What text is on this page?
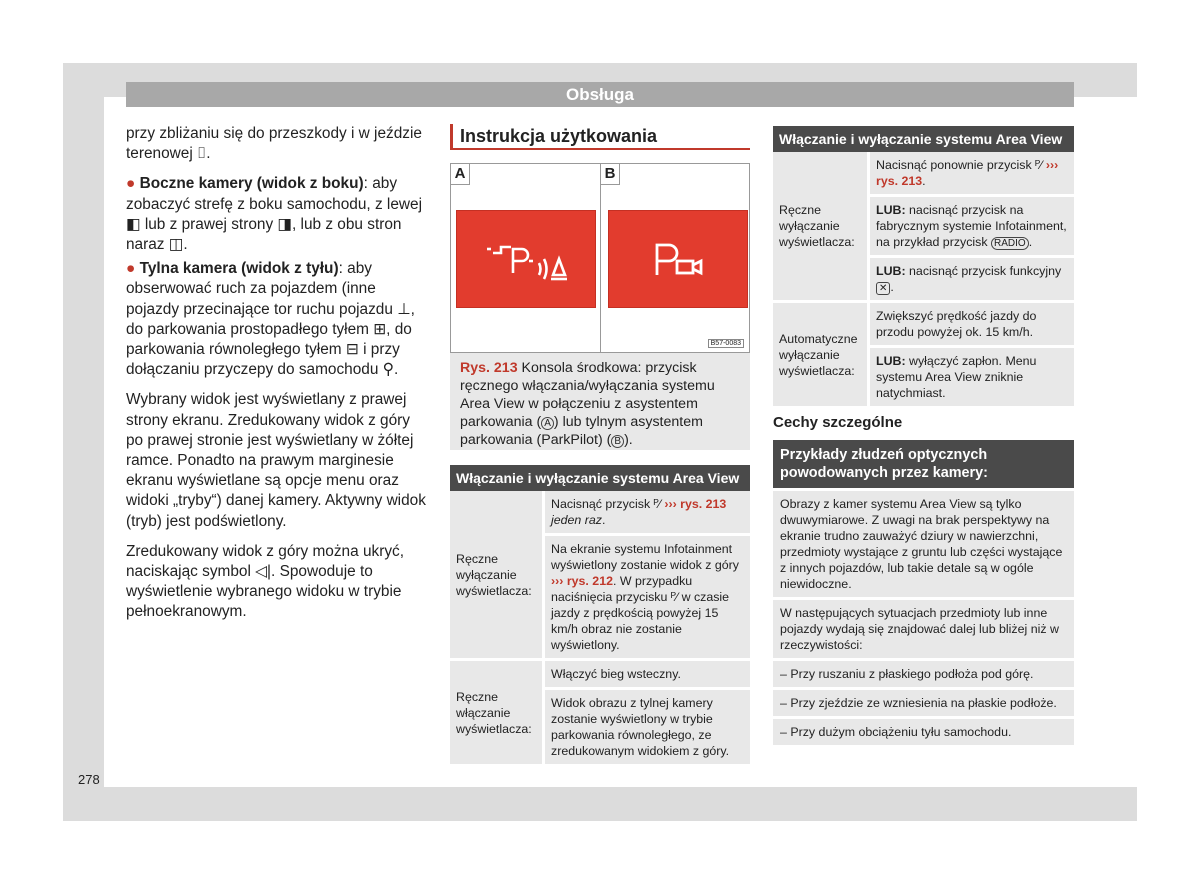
Obsługa

przy zbliżaniu się do przeszkody i w jeździe terenowej ⌷.

● Boczne kamery (widok z boku): aby zobaczyć strefę z boku samochodu, z lewej ◧ lub z prawej strony ◨, lub z obu stron naraz ◫.

● Tylna kamera (widok z tyłu): aby obserwować ruch za pojazdem (inne pojazdy przecinające tor ruchu pojazdu ⊥, do parkowania prostopadłego tyłem ⊞, do parkowania równoległego tyłem ⊟ i przy dołączaniu przyczepy do samochodu ⚲.

Wybrany widok jest wyświetlany z prawej strony ekranu. Zredukowany widok z góry po prawej stronie jest wyświetlany w żółtej ramce. Ponadto na prawym marginesie ekranu wyświetlane są opcje menu oraz widoki „tryby“) danej kamery. Aktywny widok (tryb) jest podświetlony.

Zredukowany widok z góry można ukryć, naciskając symbol ◁|. Spowoduje to wyświetlenie wybranego widoku w trybie pełnoekranowym.

278
Instrukcja użytkowania
A	B
B57-0083
Rys. 213 Konsola środkowa: przycisk ręcznego włączania/wyłączania systemu Area View w połączeniu z asystentem parkowania ( A ) lub tylnym asystentem parkowania (ParkPilot) ( B ).
Włączanie i wyłączanie systemu Area View	
Ręczne wyłączanie wyświetlacza:	Nacisnąć przycisk ᴾ⁄ ››› rys. 213 jeden raz.
	Na ekranie systemu Infotainment wyświetlony zostanie widok z góry ››› rys. 212. W przypadku naciśnięcia przycisku ᴾ⁄ w czasie jazdy z prędkością powyżej 15 km/h obraz nie zostanie wyświetlony.
Ręczne włączanie wyświetlacza:	Włączyć bieg wsteczny.
	Widok obrazu z tylnej kamery zostanie wyświetlony w trybie parkowania równoległego, ze zredukowanym widokiem z góry.
Włączanie i wyłączanie systemu Area View	
Ręczne wyłączanie wyświetlacza:	Nacisnąć ponownie przycisk ᴾ⁄ ››› rys. 213.
	LUB: nacisnąć przycisk na fabrycznym systemie Infotainment, na przykład przycisk RADIO .
	LUB: nacisnąć przycisk funkcyjny ✕ .
Automatyczne wyłączanie wyświetlacza:	Zwiększyć prędkość jazdy do przodu powyżej ok. 15 km/h.
	LUB: wyłączyć zapłon. Menu systemu Area View zniknie natychmiast.
Cechy szczególne
Przykłady złudzeń optycznych powodowanych przez kamery:
Obrazy z kamer systemu Area View są tylko dwuwymiarowe. Z uwagi na brak perspektywy na ekranie trudno zauważyć dziury w nawierzchni, przedmioty wystające z gruntu lub części wystające z innych pojazdów, lub takie detale są w ogóle niewidoczne.
W następujących sytuacjach przedmioty lub inne pojazdy wydają się znajdować dalej lub bliżej niż w rzeczywistości:
– Przy ruszaniu z płaskiego podłoża pod górę.
– Przy zjeździe ze wzniesienia na płaskie podłoże.
– Przy dużym obciążeniu tyłu samochodu.
